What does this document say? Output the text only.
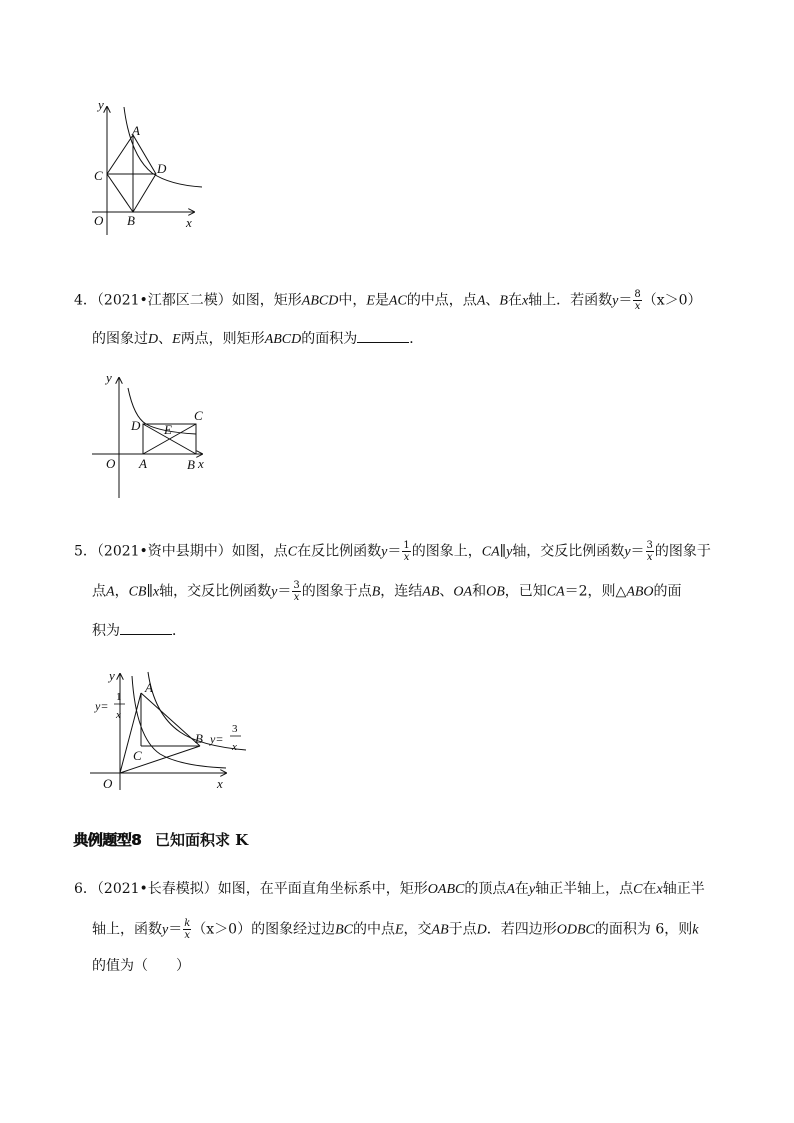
y
x
O
A
B
C	D
4．（2021•江都区二模）如图，矩形ABCD中，E是AC的中点，点A、B在x轴上．若函数$y= \frac{8}{x} (x>0)$
的图象过D、E两点，则矩形ABCD的面积为	．
y
x
O A	B
C
D E
5．（2021•资中县期中）如图，点C在反比例函数$y= \frac{1}{x}$ 的图象上，CA∥y轴，交反比例函数$y= \frac{3}{x}$ 的图象于
点A，CB∥x轴，交反比例函数$y= \frac{3}{x}$ 的图象于点B，连结AB、OA和OB，已知CA＝2，则△ABO的面
积为	．
y
x
O
A
B
C
y=
1
x
y=
3
x
典例题型8 已知面积求 K
6．（2021•长春模拟）如图，在平面直角坐标系中，矩形OABC的顶点A在y轴正半轴上，点C在x轴正半
轴上，函数$y= \frac{k}{x} (x>0)$的图象经过边BC的中点E，交AB于点D．若四边形ODBC的面积为 6，则k
的值为（　　）
